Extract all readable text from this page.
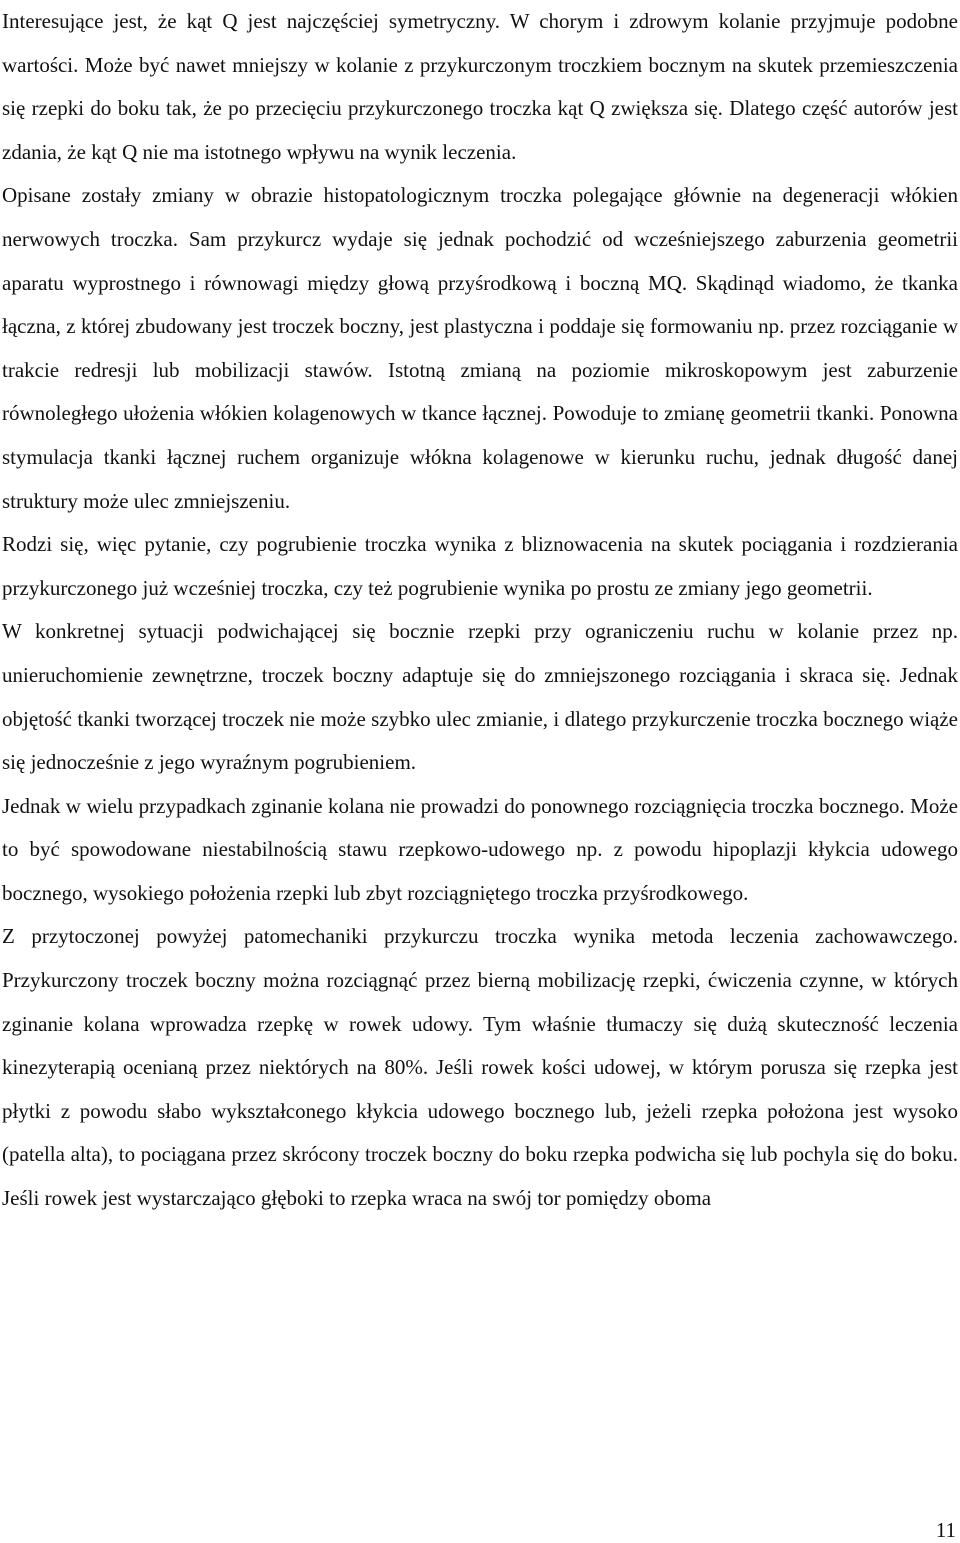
Interesujące jest, że kąt Q jest najczęściej symetryczny. W chorym i zdrowym kolanie przyjmuje podobne wartości. Może być nawet mniejszy w kolanie z przykurczonym troczkiem bocznym na skutek przemieszczenia się rzepki do boku tak, że po przecięciu przykurczonego troczka kąt Q zwiększa się. Dlatego część autorów jest zdania, że kąt Q nie ma istotnego wpływu na wynik leczenia.

Opisane zostały zmiany w obrazie histopatologicznym troczka polegające głównie na degeneracji włókien nerwowych troczka. Sam przykurcz wydaje się jednak pochodzić od wcześniejszego zaburzenia geometrii aparatu wyprostnego i równowagi między głową przyśrodkową i boczną MQ. Skądinąd wiadomo, że tkanka łączna, z której zbudowany jest troczek boczny, jest plastyczna i poddaje się formowaniu np. przez rozciąganie w trakcie redresji lub mobilizacji stawów. Istotną zmianą na poziomie mikroskopowym jest zaburzenie równoległego ułożenia włókien kolagenowych w tkance łącznej. Powoduje to zmianę geometrii tkanki. Ponowna stymulacja tkanki łącznej ruchem organizuje włókna kolagenowe w kierunku ruchu, jednak długość danej struktury może ulec zmniejszeniu.

Rodzi się, więc pytanie, czy pogrubienie troczka wynika z bliznowacenia na skutek pociągania i rozdzierania przykurczonego już wcześniej troczka, czy też pogrubienie wynika po prostu ze zmiany jego geometrii.

W konkretnej sytuacji podwichającej się bocznie rzepki przy ograniczeniu ruchu w kolanie przez np. unieruchomienie zewnętrzne, troczek boczny adaptuje się do zmniejszonego rozciągania i skraca się. Jednak objętość tkanki tworzącej troczek nie może szybko ulec zmianie, i dlatego przykurczenie troczka bocznego wiąże się jednocześnie z jego wyraźnym pogrubieniem.

Jednak w wielu przypadkach zginanie kolana nie prowadzi do ponownego rozciągnięcia troczka bocznego. Może to być spowodowane niestabilnością stawu rzepkowo-udowego np. z powodu hipoplazji kłykcia udowego bocznego, wysokiego położenia rzepki lub zbyt rozciągniętego troczka przyśrodkowego.

Z przytoczonej powyżej patomechaniki przykurczu troczka wynika metoda leczenia zachowawczego. Przykurczony troczek boczny można rozciągnąć przez bierną mobilizację rzepki, ćwiczenia czynne, w których zginanie kolana wprowadza rzepkę w rowek udowy. Tym właśnie tłumaczy się dużą skuteczność leczenia kinezyterapią ocenianą przez niektórych na 80%. Jeśli rowek kości udowej, w którym porusza się rzepka jest płytki z powodu słabo wykształconego kłykcia udowego bocznego lub, jeżeli rzepka położona jest wysoko (patella alta), to pociągana przez skrócony troczek boczny do boku rzepka podwicha się lub pochyla się do boku. Jeśli rowek jest wystarczająco głęboki to rzepka wraca na swój tor pomiędzy oboma

11
